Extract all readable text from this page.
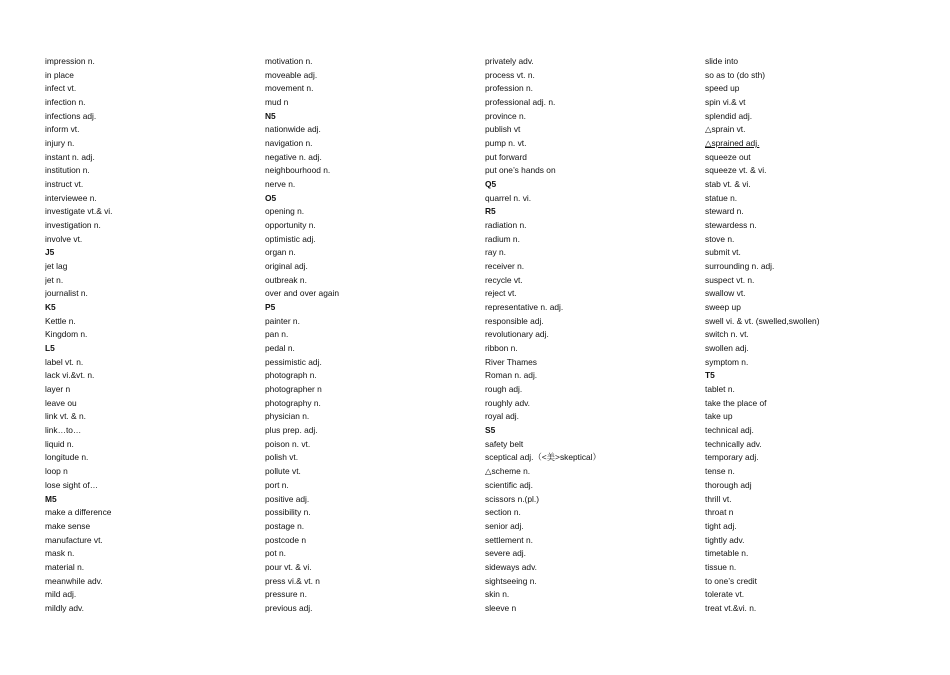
impression n.
in place
infect vt.
infection n.
infections adj.
inform vt.
injury n.
instant n. adj.
institution n.
instruct vt.
interviewee n.
investigate vt.& vi.
investigation n.
involve vt.
J5
jet lag
jet n.
journalist n.
K5
Kettle n.
Kingdom n.
L5
label vt. n.
lack vi.&vt. n.
layer n
leave ou
link vt. & n.
link…to…
liquid n.
longitude n.
loop n
lose sight of…
M5
make a difference
make sense
manufacture vt.
mask n.
material n.
meanwhile adv.
mild adj.
mildly adv.
motivation n.
moveable adj.
movement n.
mud n
N5
nationwide adj.
navigation n.
negative n. adj.
neighbourhood n.
nerve n.
O5
opening n.
opportunity n.
optimistic adj.
organ n.
original adj.
outbreak n.
over and over again
P5
painter n.
pan n.
pedal n.
pessimistic adj.
photograph n.
photographer n
photography n.
physician n.
plus prep. adj.
poison n. vt.
polish vt.
pollute vt.
port n.
positive adj.
possibility n.
postage n.
postcode n
pot n.
pour vt. & vi.
press vi.& vt. n
pressure n.
previous adj.
privately adv.
process vt. n.
profession n.
professional adj. n.
province n.
publish vt
pump n. vt.
put forward
put one’s hands on
Q5
quarrel n. vi.
R5
radiation n.
radium n.
ray n.
receiver n.
recycle vt.
reject vt.
representative n. adj.
responsible adj.
revolutionary adj.
ribbon n.
River Thames
Roman n. adj.
rough adj.
roughly adv.
royal adj.
S5
safety belt
sceptical adj.（<美>skeptical）
△scheme n.
scientific adj.
scissors n.(pl.)
section n.
senior adj.
settlement n.
severe adj.
sideways adv.
sightseeing n.
skin n.
sleeve n
slide into
so as to (do sth)
speed up
spin vi.& vt
splendid adj.
△sprain vt.
△sprained adj.
squeeze out
squeeze vt. & vi.
stab vt. & vi.
statue n.
steward n.
stewardess n.
stove n.
submit vt.
surrounding n. adj.
suspect vt. n.
swallow vt.
sweep up
swell vi. & vt. (swelled,swollen)
switch n. vt.
swollen adj.
symptom n.
T5
tablet n.
take the place of
take up
technical adj.
technically adv.
temporary adj.
tense n.
thorough adj
thrill vt.
throat n
tight adj.
tightly adv.
timetable n.
tissue n.
to one’s credit
tolerate vt.
treat vt.&vi. n.
